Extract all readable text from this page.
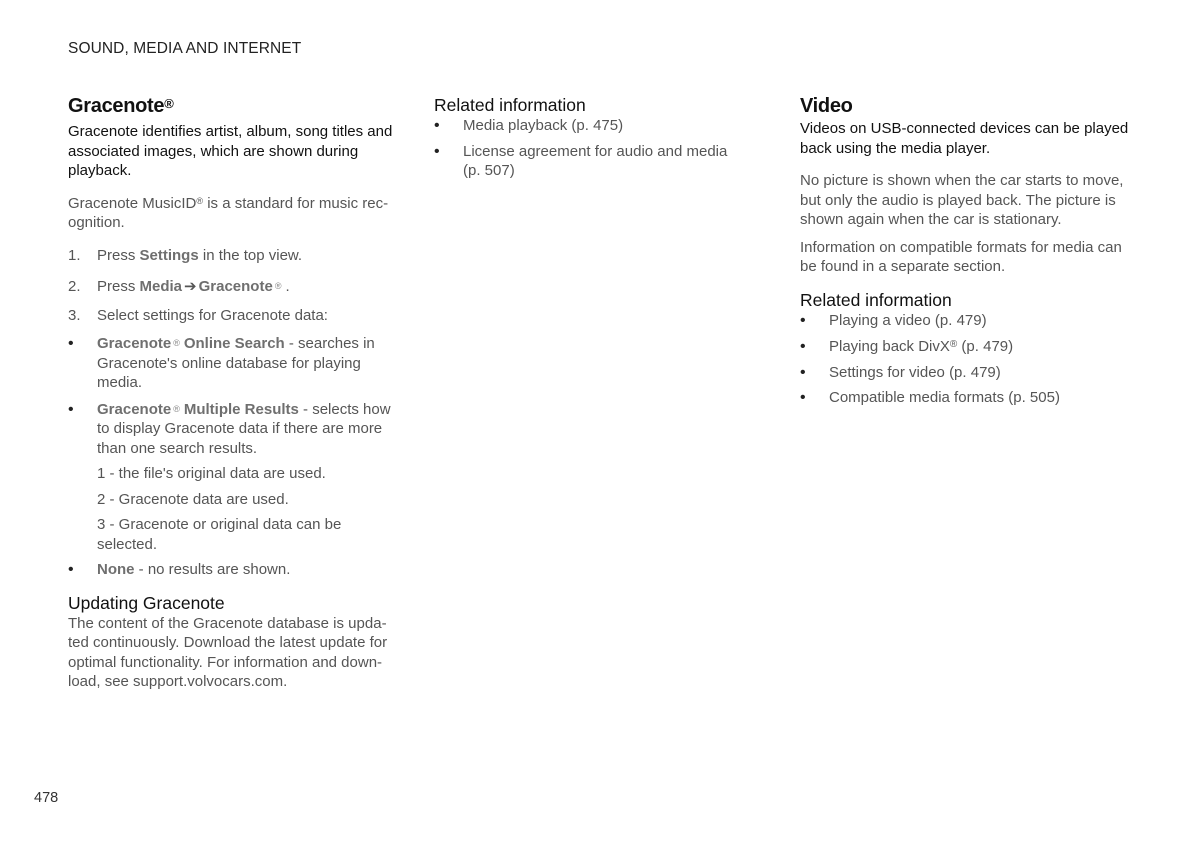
SOUND, MEDIA AND INTERNET
Gracenote®

Gracenote identifies artist, album, song titles and associated images, which are shown during playback.

Gracenote MusicID® is a standard for music recognition.

1. Press Settings in the top view.
2. Press Media ➔ Gracenote ® .
3. Select settings for Gracenote data:
• Gracenote ® Online Search - searches in Gracenote's online database for playing media.
• Gracenote ® Multiple Results - selects how to display Gracenote data if there are more than one search results.
1 - the file's original data are used.
2 - Gracenote data are used.
3 - Gracenote or original data can be selected.
• None - no results are shown.
Updating Gracenote

The content of the Gracenote database is updated continuously. Download the latest update for optimal functionality. For information and download, see support.volvocars.com.

Related information
• Media playback (p. 475)
• License agreement for audio and media (p. 507)
Video

Videos on USB-connected devices can be played back using the media player.

No picture is shown when the car starts to move, but only the audio is played back. The picture is shown again when the car is stationary.

Information on compatible formats for media can be found in a separate section.

Related information
• Playing a video (p. 479)
• Playing back DivX® (p. 479)
• Settings for video (p. 479)
• Compatible media formats (p. 505)
478
